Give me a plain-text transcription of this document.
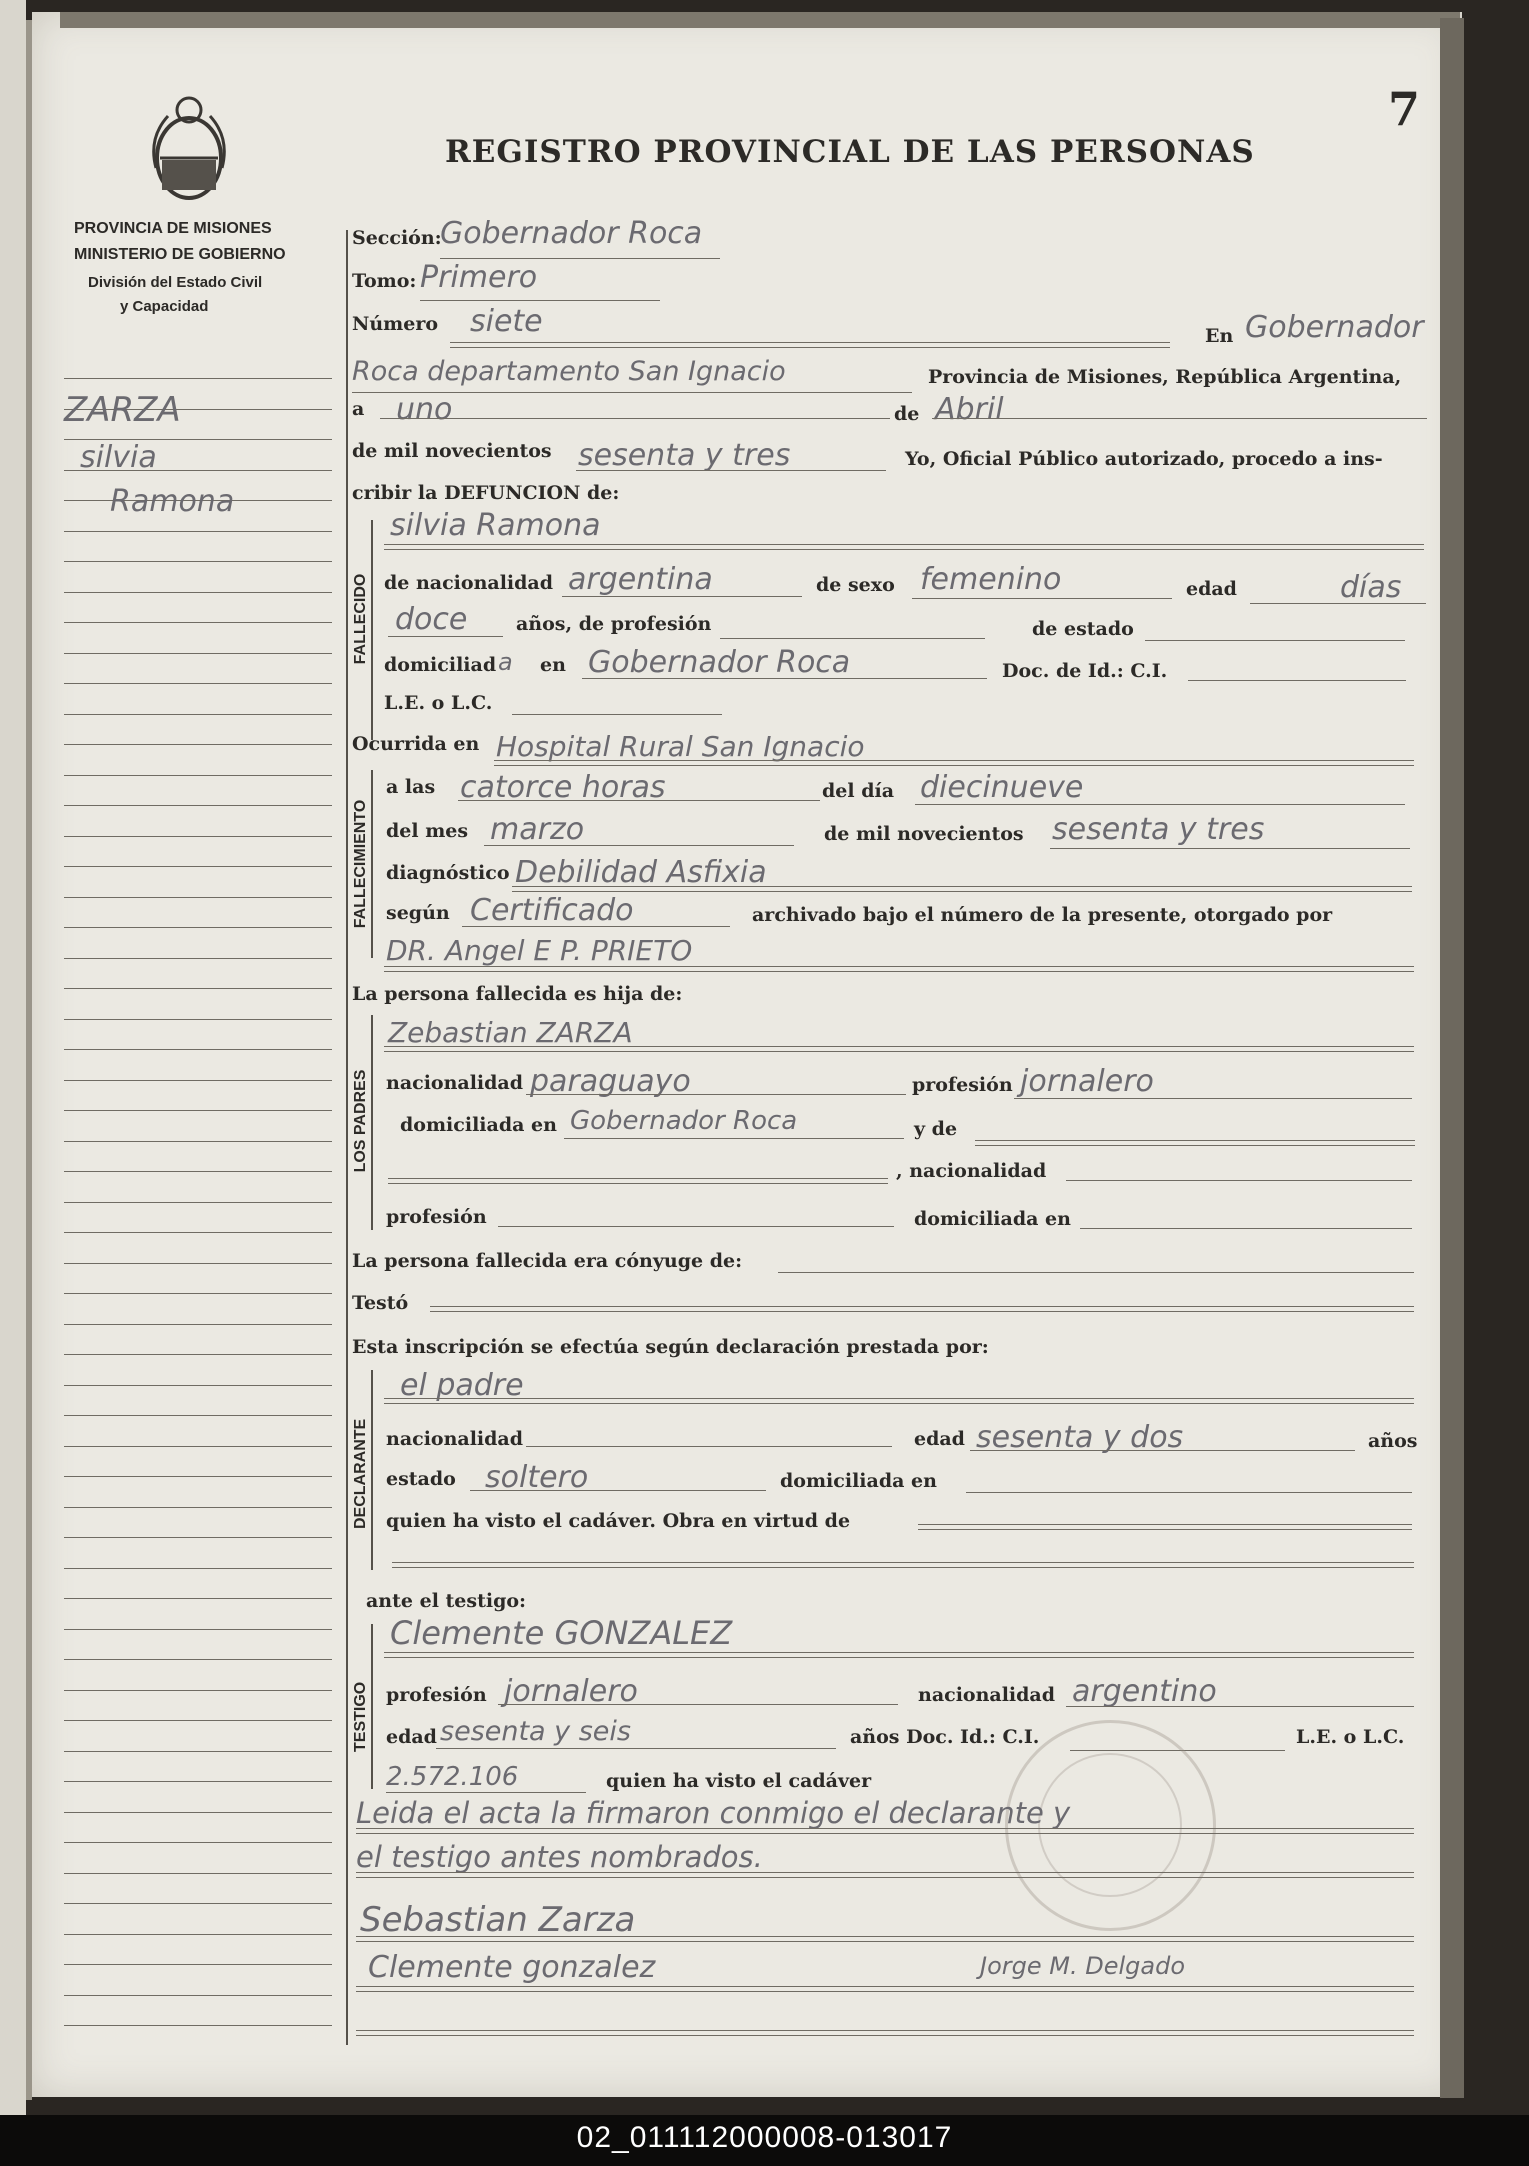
7
REGISTRO PROVINCIAL DE LAS PERSONAS
PROVINCIA DE MISIONES
MINISTERIO DE GOBIERNO
División del Estado Civil
y Capacidad
ZARZA
silvia
Ramona
Sección:
Gobernador Roca
Tomo: Primero
Número siete	En Gobernador
Roca departamento San Ignacio	Provincia de Misiones, República Argentina,
a uno	de Abril
de mil novecientos sesenta y tres	Yo, Oficial Público autorizado, procedo a ins-
cribir la DEFUNCION de:
FALLECIDO
silvia Ramona
de nacionalidad argentina	de sexo femenino	edad	días
doce	años, de profesión	de estado
domiciliad a en Gobernador Roca	Doc. de Id.: C.I.
L.E. o L.C.
Ocurrida en Hospital Rural San Ignacio
FALLECIMIENTO
a las catorce horas	del día diecinueve
del mes marzo	de mil novecientos sesenta y tres
diagnóstico Debilidad Asfixia
según Certificado	archivado bajo el número de la presente, otorgado por
DR. Angel E P. PRIETO
La persona fallecida es hija de:
LOS PADRES
Zebastian ZARZA
nacionalidad paraguayo	profesión jornalero
domiciliada en Gobernador Roca	y de
, nacionalidad
profesión	domiciliada en
La persona fallecida era cónyuge de:
Testó
Esta inscripción se efectúa según declaración prestada por:
DECLARANTE
el padre
nacionalidad	edad sesenta y dos	años
estado soltero	domiciliada en
quien ha visto el cadáver. Obra en virtud de
ante el testigo:
TESTIGO
Clemente GONZALEZ
profesión jornalero	nacionalidad argentino
edad sesenta y seis	años Doc. Id.: C.I.	L.E. o L.C.
2.572.106	quien ha visto el cadáver
Leida el acta la firmaron conmigo el declarante y
el testigo antes nombrados.
Sebastian Zarza
Clemente gonzalez	Jorge M. Delgado
02_011112000008-013017
